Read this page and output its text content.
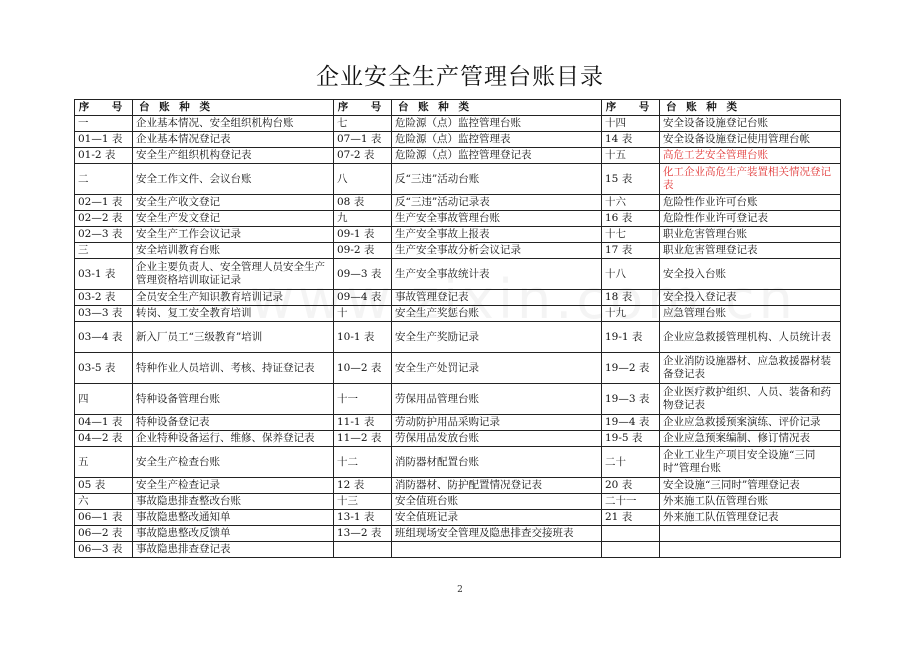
企业安全生产管理台账目录
序　号	台 账 种 类	序　号	台 账 种 类	序　号	台 账 种 类
一	企业基本情况、安全组织机构台账	七	危险源（点）监控管理台账	十四	安全设备设施登记台账
01—1 表	企业基本情况登记表	07—1 表	危险源（点）监控管理表	14 表	安全设备设施登记使用管理台帐
01-2 表	安全生产组织机构登记表	07-2 表	危险源（点）监控管理登记表	十五	高危工艺安全管理台账
二	安全工作文件、会议台账	八	反“三违”活动台账	15 表	化工企业高危生产装置相关情况登记表
02—1 表	安全生产收文登记	08 表	反“三违”活动记录表	十六	危险性作业许可台账
02—2 表	安全生产发文登记	九	生产安全事故管理台账	16 表	危险性作业许可登记表
02—3 表	安全生产工作会议记录	09-1 表	生产安全事故上报表	十七	职业危害管理台账
三	安全培训教育台账	09-2 表	生产安全事故分析会议记录	17 表	职业危害管理登记表
03-1 表	企业主要负责人、安全管理人员安全生产管理资格培训取证记录	09—3 表	生产安全事故统计表	十八	安全投入台账
03-2 表	全员安全生产知识教育培训记录	09—4 表	事故管理登记表	18 表	安全投入登记表
03—3 表	转岗、复工安全教育培训	十	安全生产奖惩台账	十九	应急管理台账
03—4 表	新入厂员工“三级教育”培训	10-1 表	安全生产奖励记录	19-1 表	企业应急救援管理机构、人员统计表
03-5 表	特种作业人员培训、考核、持证登记表	10—2 表	安全生产处罚记录	19—2 表	企业消防设施器材、应急救援器材装备登记表
四	特种设备管理台账	十一	劳保用品管理台账	19—3 表	企业医疗救护组织、人员、装备和药物登记表
04—1 表	特种设备登记表	11-1 表	劳动防护用品采购记录	19—4 表	企业应急救援预案演练、评价记录
04—2 表	企业特种设备运行、维修、保养登记表	11—2 表	劳保用品发放台账	19-5 表	企业应急预案编制、修订情况表
五	安全生产检查台账	十二	消防器材配置台账	二十	企业工业生产项目安全设施“三同时”管理台账
05 表	安全生产检查记录	12 表	消防器材、防护配置情况登记表	20 表	安全设施“三同时”管理登记表
六	事故隐患排查整改台账	十三	安全值班台账	二十一	外来施工队伍管理台账
06—1 表	事故隐患整改通知单	13-1 表	安全值班记录	21 表	外来施工队伍管理登记表
06—2 表	事故隐患整改反馈单	13—2 表	班组现场安全管理及隐患排查交接班表		
06—3 表	事故隐患排查登记表				
2
